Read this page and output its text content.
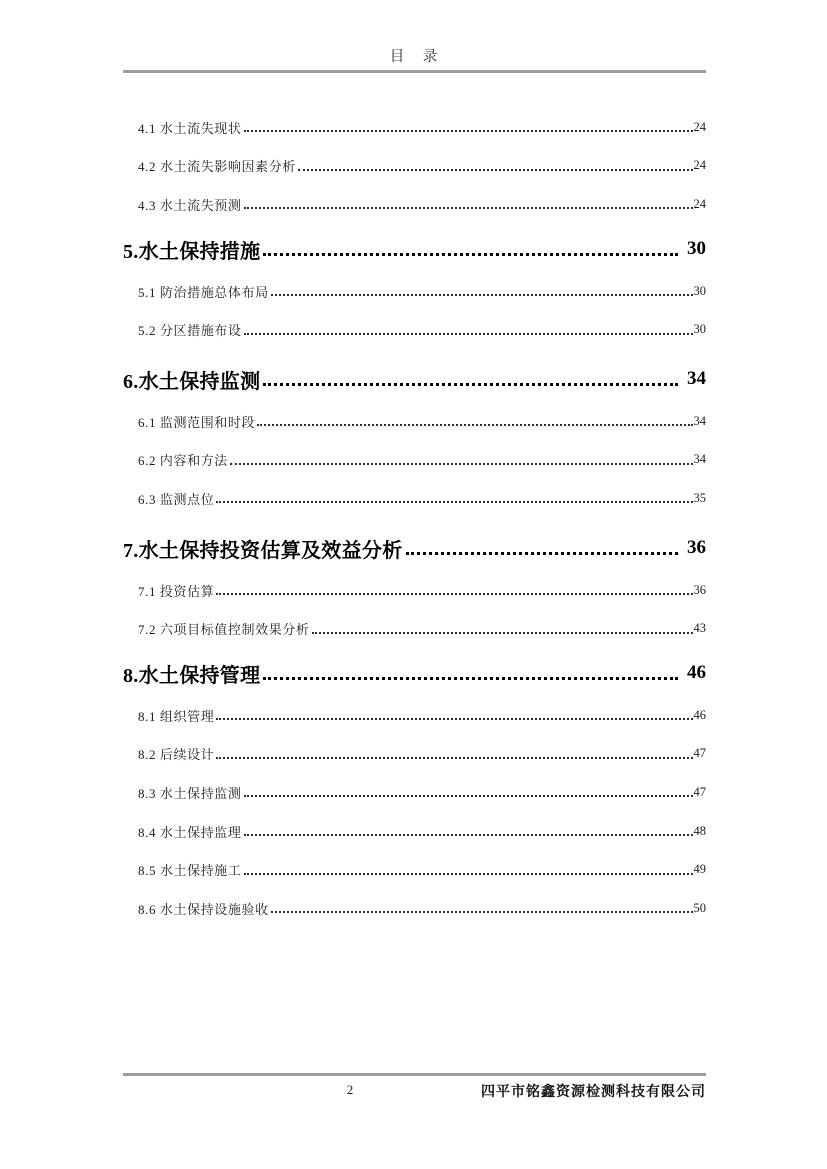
目　录
4.1 水土流失现状	24
4.2 水土流失影响因素分析	24
4.3 水土流失预测	24
5.水土保持措施	30
5.1 防治措施总体布局	30
5.2 分区措施布设	30
6.水土保持监测	34
6.1 监测范围和时段	34
6.2 内容和方法	34
6.3 监测点位	35
7.水土保持投资估算及效益分析	36
7.1 投资估算	36
7.2 六项目标值控制效果分析	43
8.水土保持管理	46
8.1 组织管理	46
8.2 后续设计	47
8.3 水土保持监测	47
8.4 水土保持监理	48
8.5 水土保持施工	49
8.6 水土保持设施验收	50
2	四平市铭鑫资源检测科技有限公司
